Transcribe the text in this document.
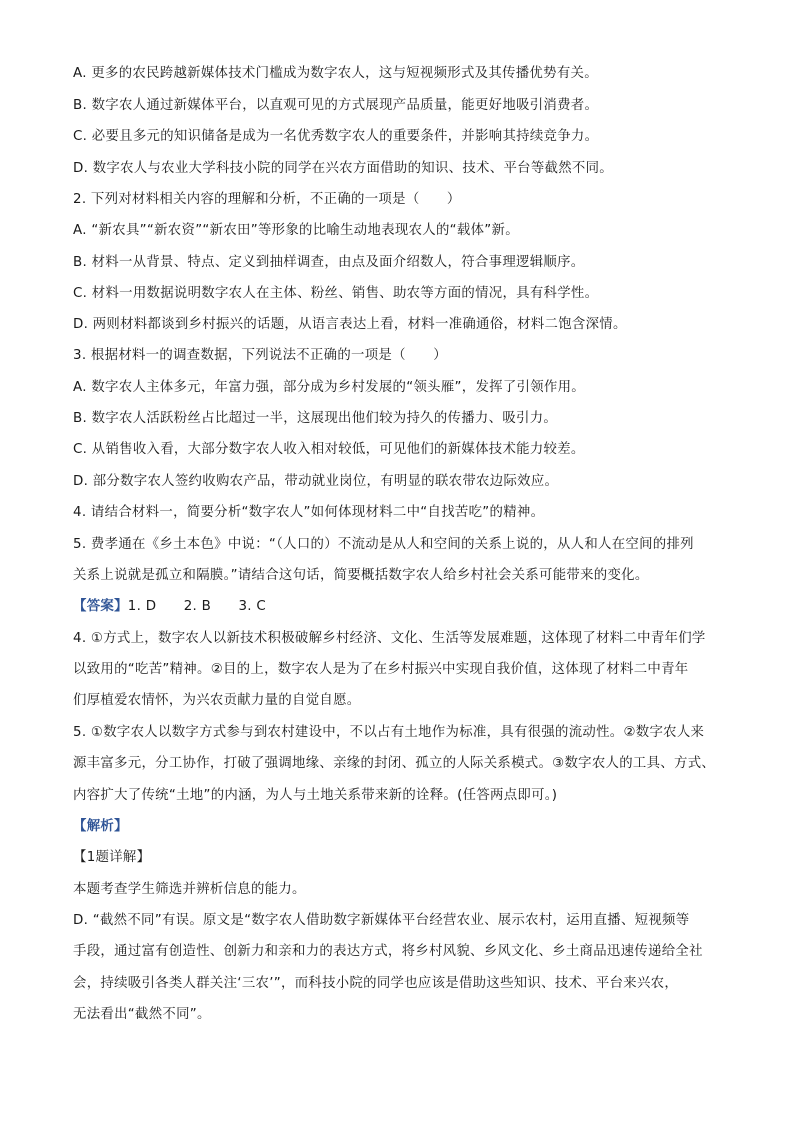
A. 更多的农民跨越新媒体技术门槛成为数字农人，这与短视频形式及其传播优势有关。
B. 数字农人通过新媒体平台，以直观可见的方式展现产品质量，能更好地吸引消费者。
C. 必要且多元的知识储备是成为一名优秀数字农人的重要条件，并影响其持续竞争力。
D. 数字农人与农业大学科技小院的同学在兴农方面借助的知识、技术、平台等截然不同。
2. 下列对材料相关内容的理解和分析，不正确的一项是（　　）
A. “新农具”“新农资”“新农田”等形象的比喻生动地表现农人的“载体”新。
B. 材料一从背景、特点、定义到抽样调查，由点及面介绍数人，符合事理逻辑顺序。
C. 材料一用数据说明数字农人在主体、粉丝、销售、助农等方面的情况，具有科学性。
D. 两则材料都谈到乡村振兴的话题，从语言表达上看，材料一准确通俗，材料二饱含深情。
3. 根据材料一的调查数据，下列说法不正确的一项是（　　）
A. 数字农人主体多元，年富力强，部分成为乡村发展的“领头雁”，发挥了引领作用。
B. 数字农人活跃粉丝占比超过一半，这展现出他们较为持久的传播力、吸引力。
C. 从销售收入看，大部分数字农人收入相对较低，可见他们的新媒体技术能力较差。
D. 部分数字农人签约收购农产品，带动就业岗位，有明显的联农带农边际效应。
4. 请结合材料一，简要分析“数字农人”如何体现材料二中“自找苦吃”的精神。
5. 费孝通在《乡土本色》中说：“（人口的）不流动是从人和空间的关系上说的，从人和人在空间的排列
关系上说就是孤立和隔膜。”请结合这句话，简要概括数字农人给乡村社会关系可能带来的变化。
【答案】1. D　　2. B　　3. C
4. ①方式上，数字农人以新技术积极破解乡村经济、文化、生活等发展难题，这体现了材料二中青年们学
以致用的“吃苦”精神。②目的上，数字农人是为了在乡村振兴中实现自我价值，这体现了材料二中青年
们厚植爱农情怀，为兴农贡献力量的自觉自愿。
5. ①数字农人以数字方式参与到农村建设中，不以占有土地作为标准，具有很强的流动性。②数字农人来
源丰富多元，分工协作，打破了强调地缘、亲缘的封闭、孤立的人际关系模式。③数字农人的工具、方式、
内容扩大了传统“土地”的内涵，为人与土地关系带来新的诠释。(任答两点即可。)
【解析】
【1题详解】
本题考查学生筛选并辨析信息的能力。
D. “截然不同”有误。原文是“数字农人借助数字新媒体平台经营农业、展示农村，运用直播、短视频等
手段，通过富有创造性、创新力和亲和力的表达方式，将乡村风貌、乡风文化、乡土商品迅速传递给全社
会，持续吸引各类人群关注‘三农’”，而科技小院的同学也应该是借助这些知识、技术、平台来兴农，
无法看出“截然不同”。
